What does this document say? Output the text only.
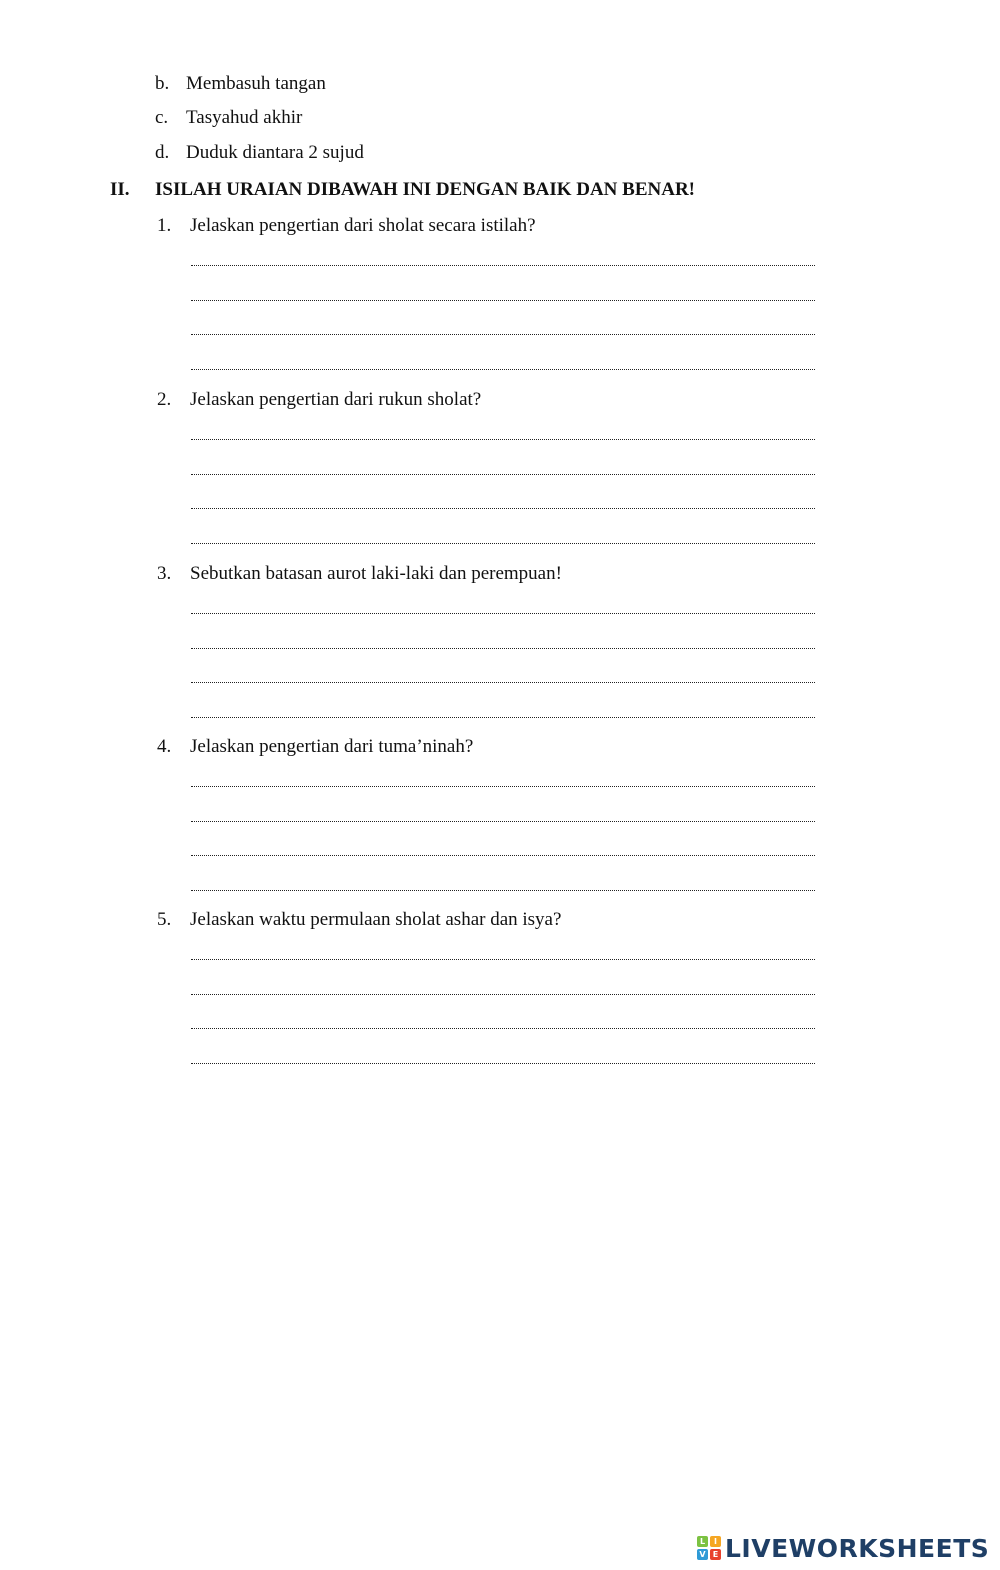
b. Membasuh tangan
c. Tasyahud akhir
d. Duduk diantara 2 sujud
II. ISILAH URAIAN DIBAWAH INI DENGAN BAIK DAN BENAR!
1. Jelaskan pengertian dari sholat secara istilah?
2. Jelaskan pengertian dari rukun sholat?
3. Sebutkan batasan aurot laki-laki dan perempuan!
4. Jelaskan pengertian dari tuma’ninah?
5. Jelaskan waktu permulaan sholat ashar dan isya?
L	I
V E LIVEWORKSHEETS
